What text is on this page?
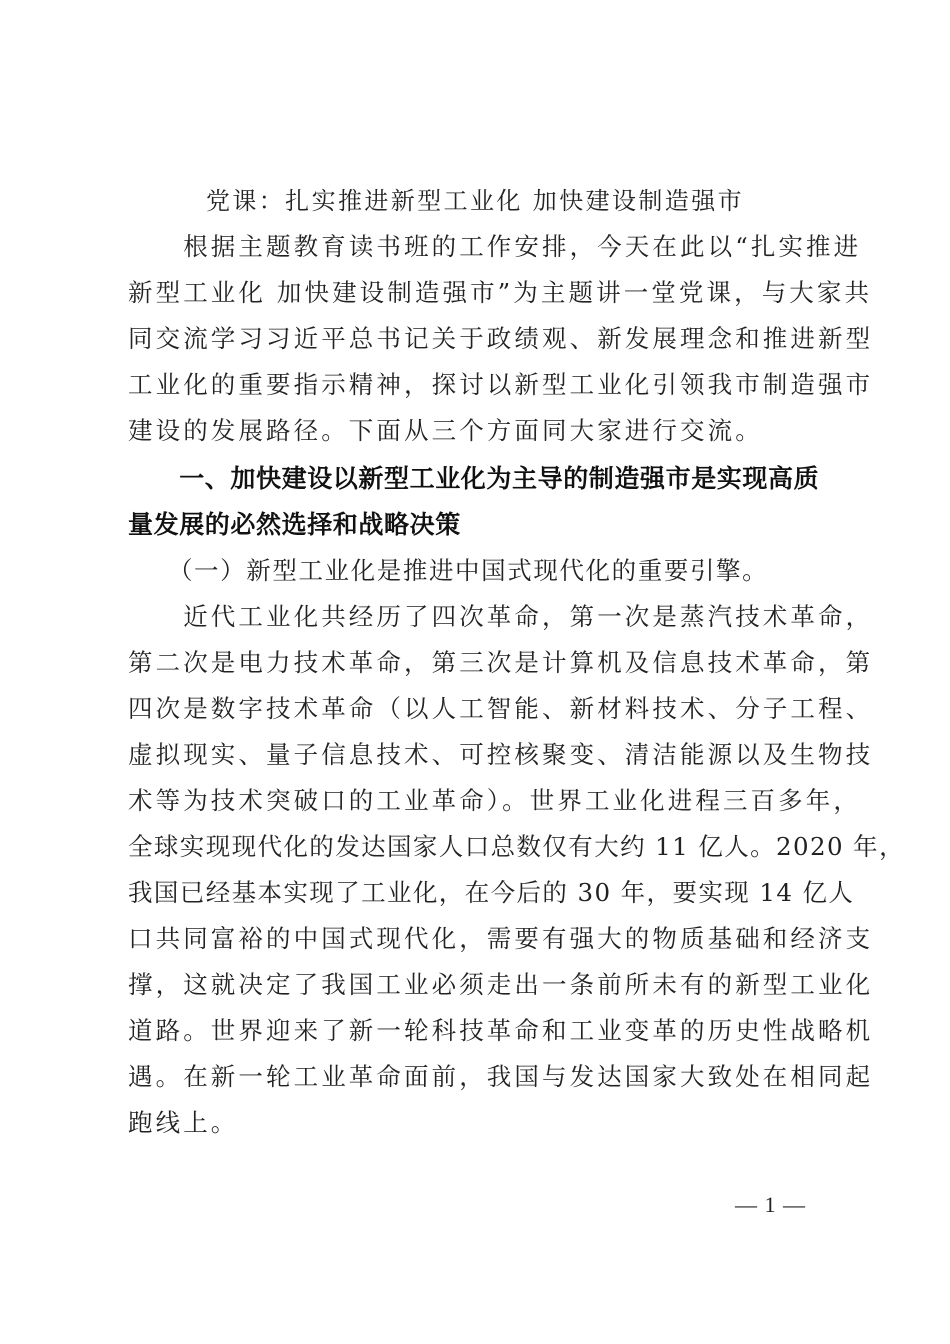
党课：扎实推进新型工业化 加快建设制造强市
　　根据主题教育读书班的工作安排，今天在此以“扎实推进
新型工业化 加快建设制造强市”为主题讲一堂党课，与大家共
同交流学习习近平总书记关于政绩观、新发展理念和推进新型
工业化的重要指示精神，探讨以新型工业化引领我市制造强市
建设的发展路径。下面从三个方面同大家进行交流。
　　一、加快建设以新型工业化为主导的制造强市是实现高质
量发展的必然选择和战略决策
　　（一）新型工业化是推进中国式现代化的重要引擎。
　　近代工业化共经历了四次革命，第一次是蒸汽技术革命，
第二次是电力技术革命，第三次是计算机及信息技术革命，第
四次是数字技术革命（以人工智能、新材料技术、分子工程、
虚拟现实、量子信息技术、可控核聚变、清洁能源以及生物技
术等为技术突破口的工业革命）。世界工业化进程三百多年，
全球实现现代化的发达国家人口总数仅有大约 11 亿人。2020 年，
我国已经基本实现了工业化，在今后的 30 年，要实现 14 亿人
口共同富裕的中国式现代化，需要有强大的物质基础和经济支
撑，这就决定了我国工业必须走出一条前所未有的新型工业化
道路。世界迎来了新一轮科技革命和工业变革的历史性战略机
遇。在新一轮工业革命面前，我国与发达国家大致处在相同起
跑线上。
— 1 —
